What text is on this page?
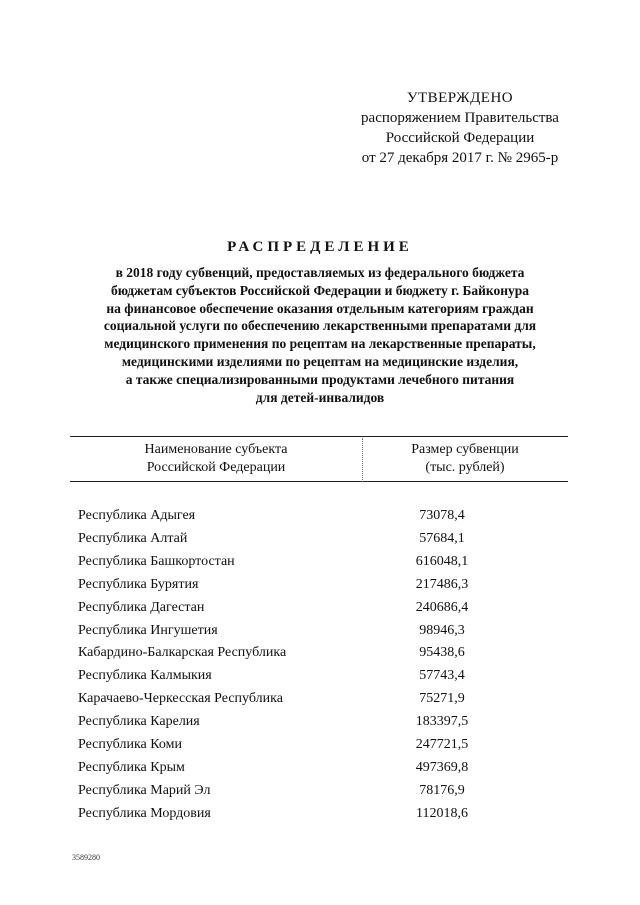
УТВЕРЖДЕНО
распоряжением Правительства
Российской Федерации
от 27 декабря 2017 г. № 2965-р
РАСПРЕДЕЛЕНИЕ
в 2018 году субвенций, предоставляемых из федерального бюджета
бюджетам субъектов Российской Федерации и бюджету г. Байконура
на финансовое обеспечение оказания отдельным категориям граждан
социальной услуги по обеспечению лекарственными препаратами для
медицинского применения по рецептам на лекарственные препараты,
медицинскими изделиями по рецептам на медицинские изделия,
а также специализированными продуктами лечебного питания
для детей-инвалидов
Наименование субъекта
Российской Федерации
Размер субвенции
(тыс. рублей)
Республика Адыгея	73078,4
Республика Алтай	57684,1
Республика Башкортостан	616048,1
Республика Бурятия	217486,3
Республика Дагестан	240686,4
Республика Ингушетия	98946,3
Кабардино-Балкарская Республика	95438,6
Республика Калмыкия	57743,4
Карачаево-Черкесская Республика	75271,9
Республика Карелия	183397,5
Республика Коми	247721,5
Республика Крым	497369,8
Республика Марий Эл	78176,9
Республика Мордовия	112018,6
3589280
